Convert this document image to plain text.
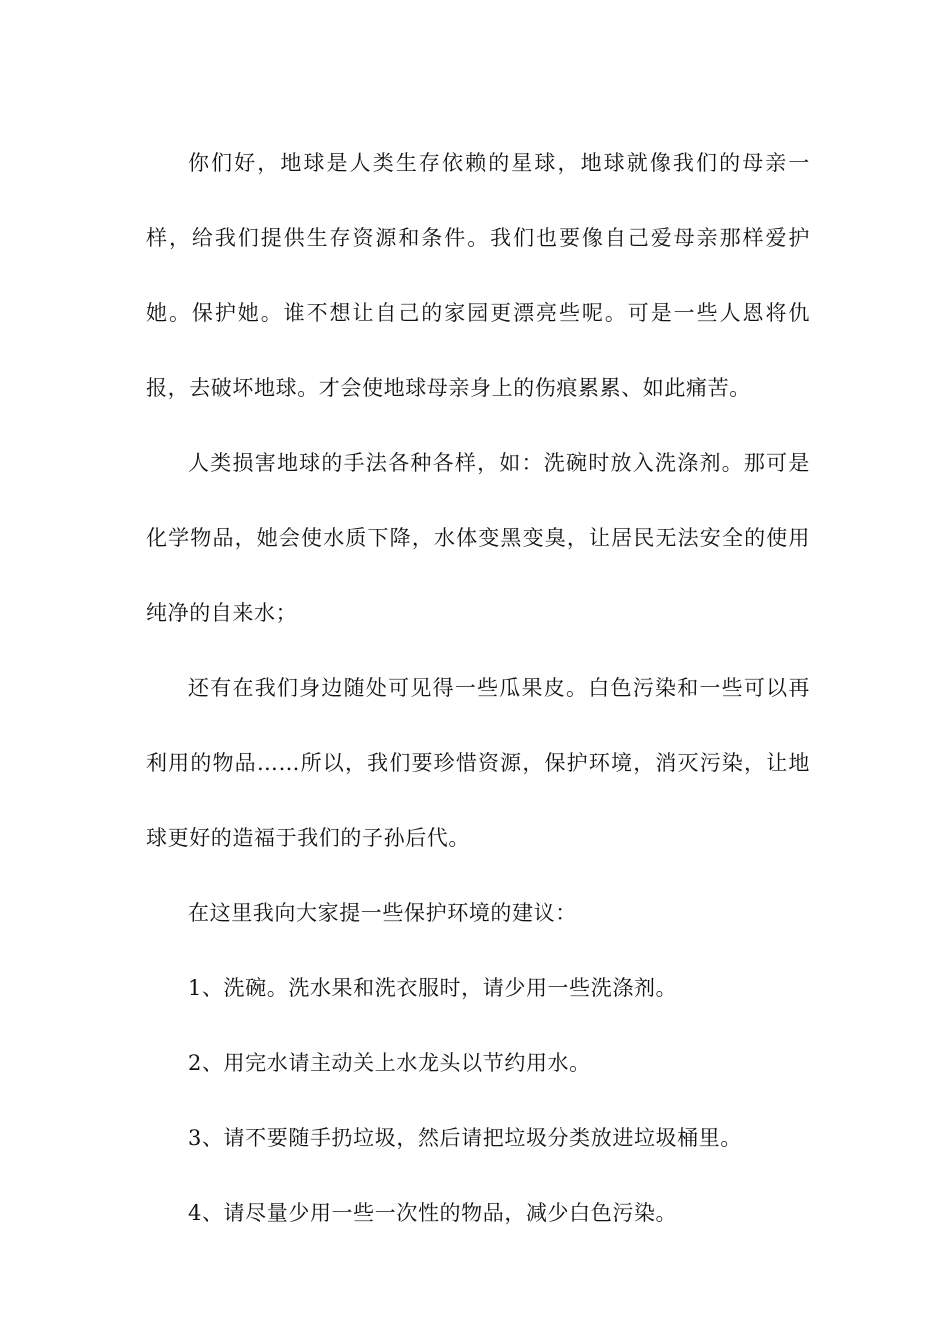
你们好，地球是人类生存依赖的星球，地球就像我们的母亲一样，给我们提供生存资源和条件。我们也要像自己爱母亲那样爱护她。保护她。谁不想让自己的家园更漂亮些呢。可是一些人恩将仇报，去破坏地球。才会使地球母亲身上的伤痕累累、如此痛苦。

人类损害地球的手法各种各样，如：洗碗时放入洗涤剂。那可是化学物品，她会使水质下降，水体变黑变臭，让居民无法安全的使用纯净的自来水；

还有在我们身边随处可见得一些瓜果皮。白色污染和一些可以再利用的物品……所以，我们要珍惜资源，保护环境，消灭污染，让地球更好的造福于我们的子孙后代。

在这里我向大家提一些保护环境的建议：

1、洗碗。洗水果和洗衣服时，请少用一些洗涤剂。

2、用完水请主动关上水龙头以节约用水。

3、请不要随手扔垃圾，然后请把垃圾分类放进垃圾桶里。

4、请尽量少用一些一次性的物品，减少白色污染。
